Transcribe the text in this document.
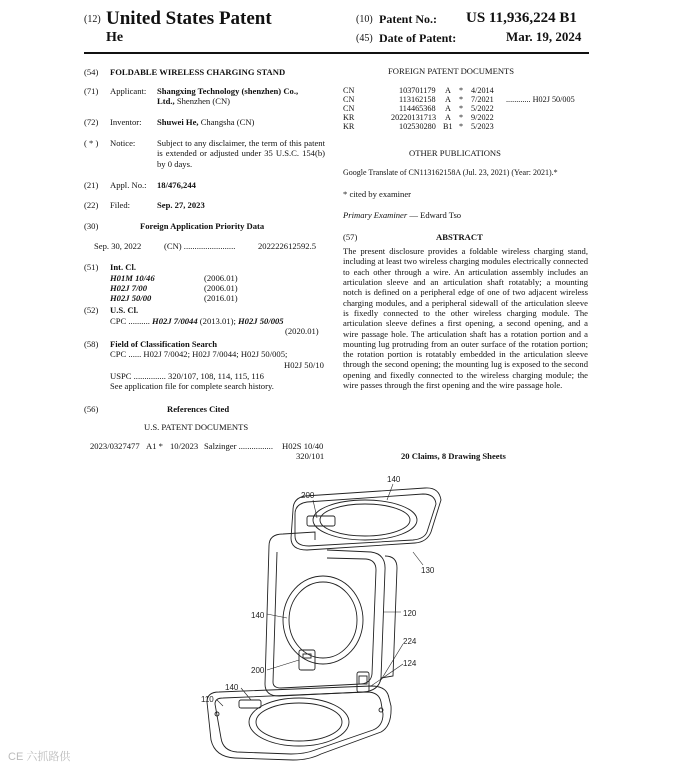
(12) United States Patent
He
(10) Patent No.: US 11,936,224 B1
(45) Date of Patent:	Mar. 19, 2024
(54)	FOLDABLE WIRELESS CHARGING STAND
(71)	Applicant: Shangxing Technology (shenzhen) Co.,
Ltd., Shenzhen (CN)
(72)	Inventor: Shuwei He, Changsha (CN)
( * )	Notice:	Subject to any disclaimer, the term of this patent is extended or adjusted under 35 U.S.C. 154(b) by 0 days.
(21)	Appl. No.: 18/476,244
(22)	Filed:	Sep. 27, 2023
(30)	Foreign Application Priority Data
Sep. 30, 2022	(CN) ........................	202222612592.5
(51)	Int. Cl.
H01M 10/46	(2006.01)
H02J 7/00	(2006.01)
H02J 50/00	(2016.01)
(52)	U.S. Cl.
CPC .......... H02J 7/0044 (2013.01); H02J 50/005
(2020.01)
(58)	Field of Classification Search
CPC ...... H02J 7/0042; H02J 7/0044; H02J 50/005;
H02J 50/10
USPC ............... 320/107, 108, 114, 115, 116
See application file for complete search history.
(56)	References Cited
U.S. PATENT DOCUMENTS
2023/0327477 A1 * 10/2023 Salzinger ................ H02S 10/40
320/101
FOREIGN PATENT DOCUMENTS
CN	103701179 A * 4/2014
CN	113162158 A * 7/2021 ............ H02J 50/005
CN	114465368 A * 5/2022
KR	20220131713 A * 9/2022
KR	102530280 B1 * 5/2023
OTHER PUBLICATIONS
Google Translate of CN113162158A (Jul. 23, 2021) (Year: 2021).*
* cited by examiner
Primary Examiner — Edward Tso
(57)	ABSTRACT
The present disclosure provides a foldable wireless charging stand, including at least two wireless charging modules electrically connected to each other through a wire. An articulation assembly includes an articulation sleeve and an articulation shaft rotatably; a mounting notch is defined on a peripheral edge of one of two adjacent wireless charging modules, and a peripheral sidewall of the articulation sleeve is fixedly connected to the other wireless charging module. The articulation sleeve defines a first opening, a second opening, and a wire passage hole. The articulation shaft has a rotation portion and a mounting lug protruding from an outer surface of the rotation portion; the rotation portion is rotatably embedded in the articulation sleeve through the second opening; the mounting lug is exposed to the second opening and fixedly connected to the wireless charging module; the wire passes through the first opening and the wire passage hole.
20 Claims, 8 Drawing Sheets
140
200
130
140	120
224
124
200
140
110
CE 六抓路供
